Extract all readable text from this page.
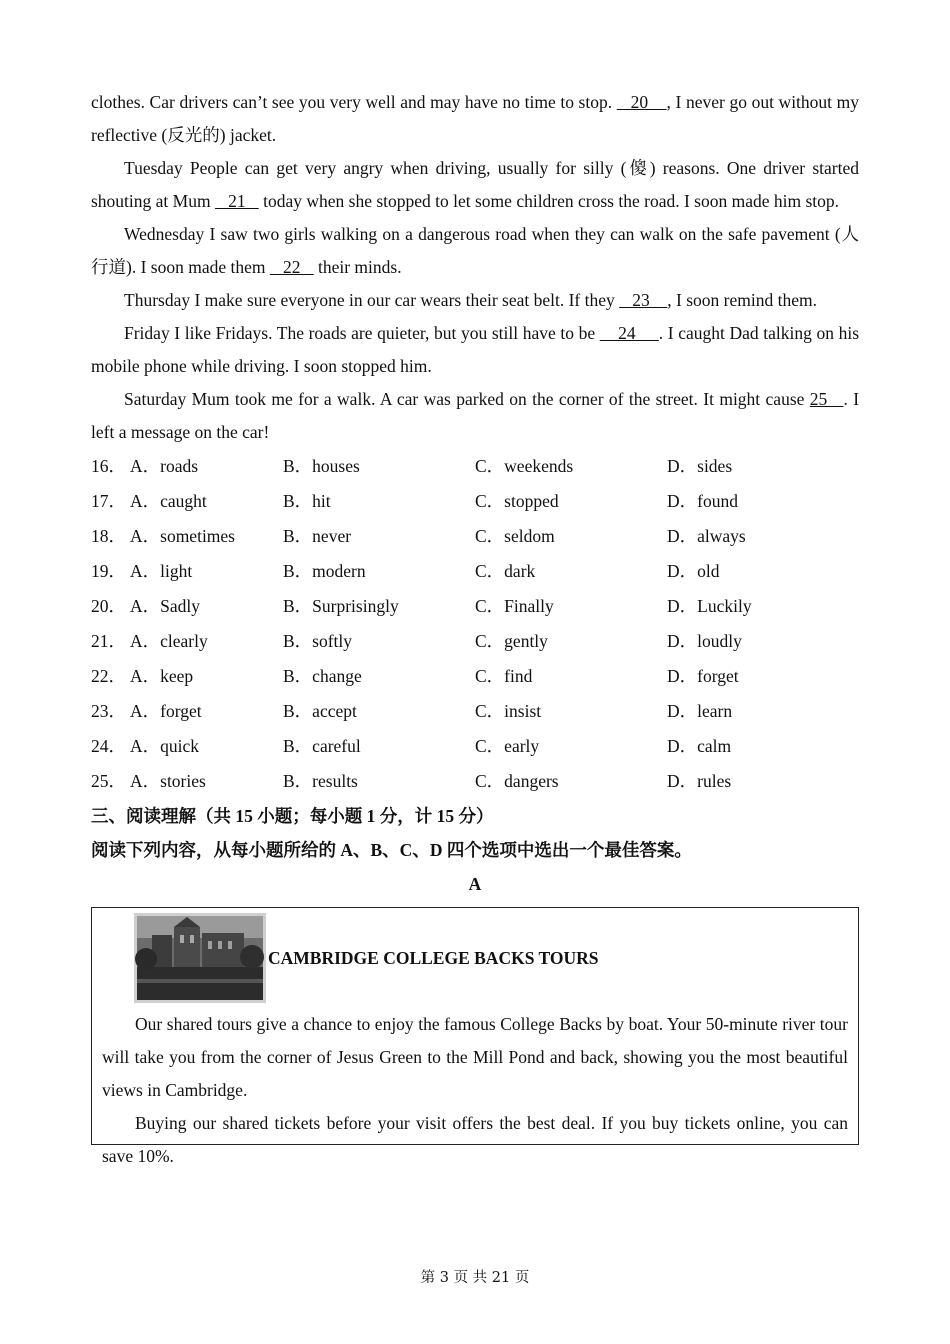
clothes. Car drivers can’t see you very well and may have no time to stop.    20    , I never go out without my reflective (反光的) jacket.

Tuesday People can get very angry when driving, usually for silly (傻) reasons. One driver started shouting at Mum    21    today when she stopped to let some children cross the road. I soon made him stop.

Wednesday I saw two girls walking on a dangerous road when they can walk on the safe pavement (人行道). I soon made them    22    their minds.

Thursday I make sure everyone in our car wears their seat belt. If they    23    , I soon remind them.

Friday I like Fridays. The roads are quieter, but you still have to be     24     . I caught Dad talking on his mobile phone while driving. I soon stopped him.

Saturday Mum took me for a walk. A car was parked on the corner of the street. It might cause 25   . I left a message on the car!

16． A．roads	B．houses	C．weekends	D．sides
17． A．caught	B．hit	C．stopped	D．found
18． A．sometimes	B．never	C．seldom	D．always
19． A．light	B．modern	C．dark	D．old
20． A．Sadly	B．Surprisingly	C．Finally	D．Luckily
21． A．clearly	B．softly	C．gently	D．loudly
22． A．keep	B．change	C．find	D．forget
23． A．forget	B．accept	C．insist	D．learn
24． A．quick	B．careful	C．early	D．calm
25． A．stories	B．results	C．dangers	D．rules

三、阅读理解（共 15 小题；每小题 1 分，计 15 分）

阅读下列内容，从每小题所给的 A、B、C、D 四个选项中选出一个最佳答案。

A
CAMBRIDGE COLLEGE BACKS TOURS

Our shared tours give a chance to enjoy the famous College Backs by boat. Your 50-minute river tour will take you from the corner of Jesus Green to the Mill Pond and back, showing you the most beautiful views in Cambridge.

Buying our shared tickets before your visit offers the best deal. If you buy tickets online, you can save 10%.

第 3 页 共 21 页
